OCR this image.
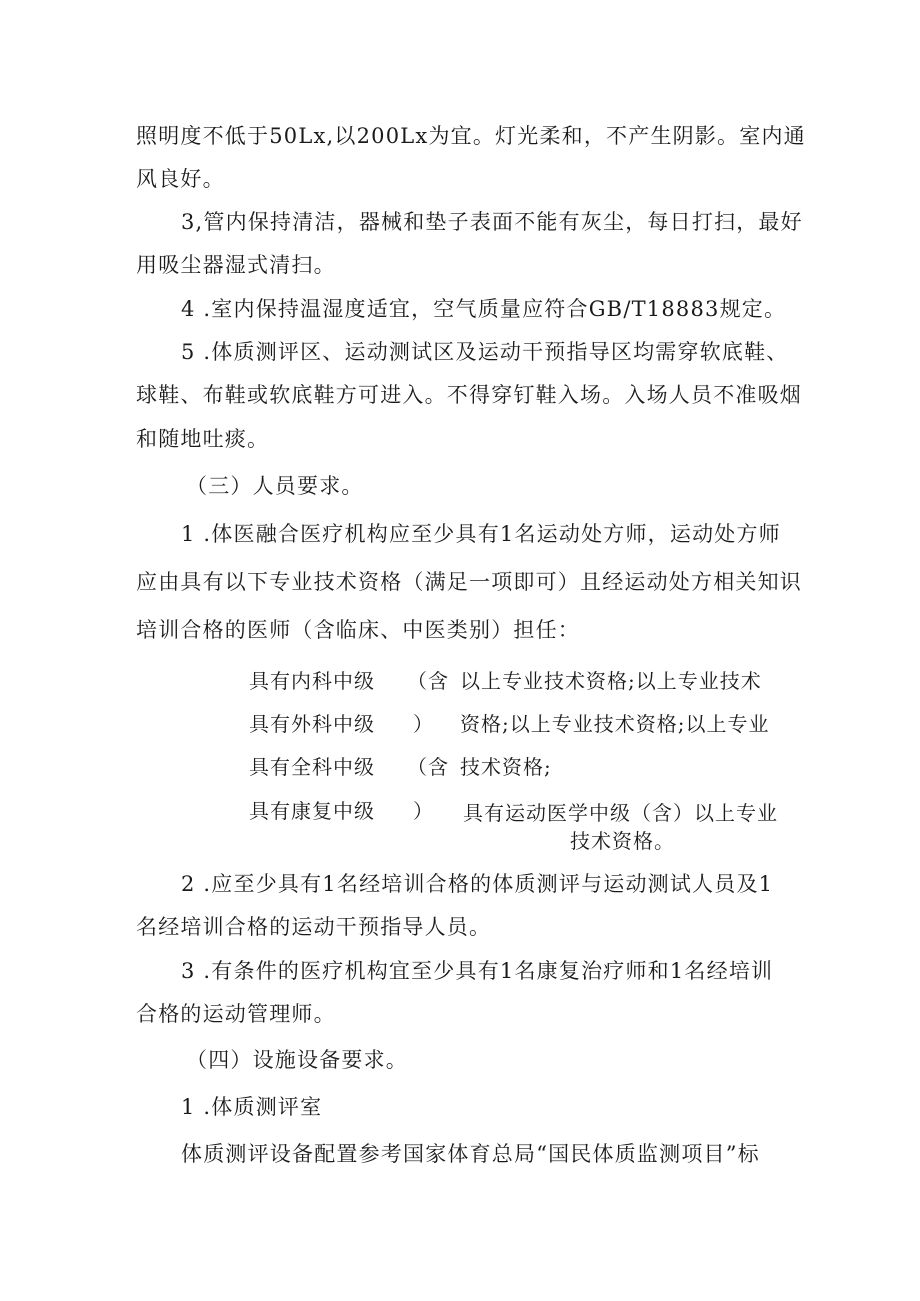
照明度不低于50Lx,以200Lx为宜。灯光柔和，不产生阴影。室内通
风良好。
3,管内保持清洁，器械和垫子表面不能有灰尘，每日打扫，最好
用吸尘器湿式清扫。
4 .室内保持温湿度适宜，空气质量应符合GB/T18883规定。
5 .体质测评区、运动测试区及运动干预指导区均需穿软底鞋、
球鞋、布鞋或软底鞋方可进入。不得穿钉鞋入场。入场人员不准吸烟
和随地吐痰。
（三）人员要求。
1 .体医融合医疗机构应至少具有1名运动处方师，运动处方师
应由具有以下专业技术资格（满足一项即可）且经运动处方相关知识
培训合格的医师（含临床、中医类别）担任：
具有内科中级
具有外科中级
具有全科中级
具有康复中级
（含
）
（含
）
以上专业技术资格;以上专业技术
资格;以上专业技术资格;以上专业
技术资格;
具有运动医学中级（含）以上专业
技术资格。
2 .应至少具有1名经培训合格的体质测评与运动测试人员及1
名经培训合格的运动干预指导人员。
3 .有条件的医疗机构宜至少具有1名康复治疗师和1名经培训
合格的运动管理师。
（四）设施设备要求。
1 .体质测评室
体质测评设备配置参考国家体育总局“国民体质监测项目”标
